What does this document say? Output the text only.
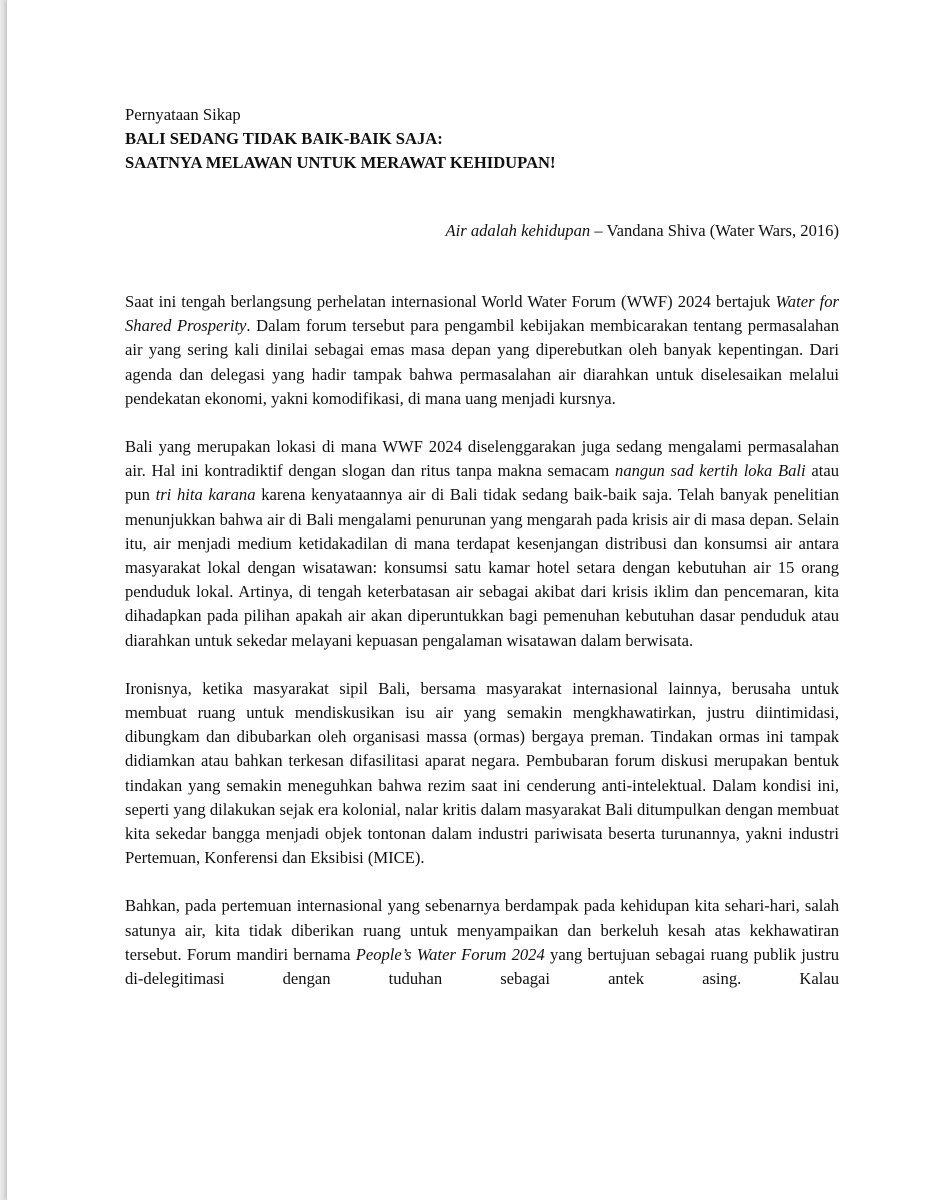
Pernyataan Sikap
BALI SEDANG TIDAK BAIK-BAIK SAJA:
SAATNYA MELAWAN UNTUK MERAWAT KEHIDUPAN!
Air adalah kehidupan – Vandana Shiva (Water Wars, 2016)

Saat ini tengah berlangsung perhelatan internasional World Water Forum (WWF) 2024 bertajuk Water for Shared Prosperity. Dalam forum tersebut para pengambil kebijakan membicarakan tentang permasalahan air yang sering kali dinilai sebagai emas masa depan yang diperebutkan oleh banyak kepentingan. Dari agenda dan delegasi yang hadir tampak bahwa permasalahan air diarahkan untuk diselesaikan melalui pendekatan ekonomi, yakni komodifikasi, di mana uang menjadi kursnya.

Bali yang merupakan lokasi di mana WWF 2024 diselenggarakan juga sedang mengalami permasalahan air. Hal ini kontradiktif dengan slogan dan ritus tanpa makna semacam nangun sad kertih loka Bali atau pun tri hita karana karena kenyataannya air di Bali tidak sedang baik-baik saja. Telah banyak penelitian menunjukkan bahwa air di Bali mengalami penurunan yang mengarah pada krisis air di masa depan. Selain itu, air menjadi medium ketidakadilan di mana terdapat kesenjangan distribusi dan konsumsi air antara masyarakat lokal dengan wisatawan: konsumsi satu kamar hotel setara dengan kebutuhan air 15 orang penduduk lokal. Artinya, di tengah keterbatasan air sebagai akibat dari krisis iklim dan pencemaran, kita dihadapkan pada pilihan apakah air akan diperuntukkan bagi pemenuhan kebutuhan dasar penduduk atau diarahkan untuk sekedar melayani kepuasan pengalaman wisatawan dalam berwisata.

Ironisnya, ketika masyarakat sipil Bali, bersama masyarakat internasional lainnya, berusaha untuk membuat ruang untuk mendiskusikan isu air yang semakin mengkhawatirkan, justru diintimidasi, dibungkam dan dibubarkan oleh organisasi massa (ormas) bergaya preman. Tindakan ormas ini tampak didiamkan atau bahkan terkesan difasilitasi aparat negara. Pembubaran forum diskusi merupakan bentuk tindakan yang semakin meneguhkan bahwa rezim saat ini cenderung anti-intelektual. Dalam kondisi ini, seperti yang dilakukan sejak era kolonial, nalar kritis dalam masyarakat Bali ditumpulkan dengan membuat kita sekedar bangga menjadi objek tontonan dalam industri pariwisata beserta turunannya, yakni industri Pertemuan, Konferensi dan Eksibisi (MICE).

Bahkan, pada pertemuan internasional yang sebenarnya berdampak pada kehidupan kita sehari-hari, salah satunya air, kita tidak diberikan ruang untuk menyampaikan dan berkeluh kesah atas kekhawatiran tersebut. Forum mandiri bernama People’s Water Forum 2024 yang bertujuan sebagai ruang publik justru di-delegitimasi dengan tuduhan sebagai antek asing. Kalau
